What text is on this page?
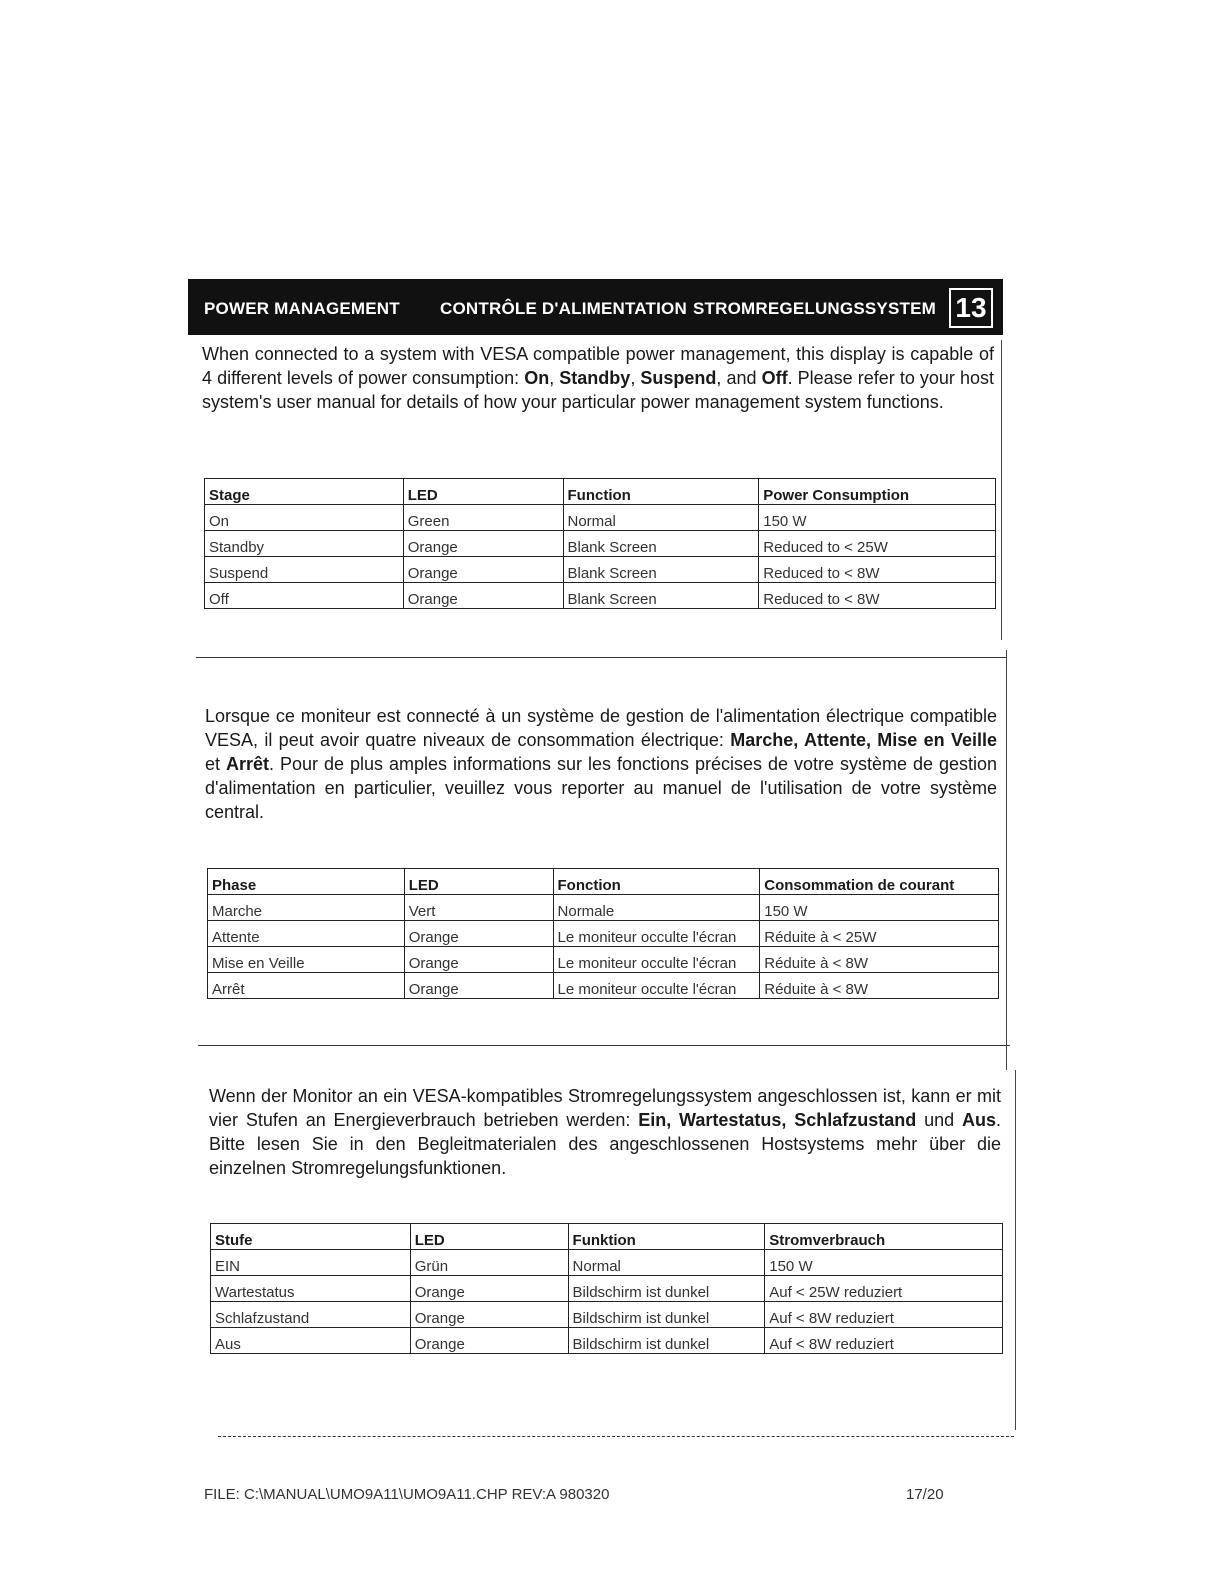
POWER MANAGEMENT CONTRÔLE D'ALIMENTATION STROMREGELUNGSSYSTEM 13

When connected to a system with VESA compatible power management, this display is capable of 4 different levels of power consumption: On, Standby, Suspend, and Off. Please refer to your host system's user manual for details of how your particular power management system functions.

Stage	LED	Function	Power Consumption
On	Green	Normal	150 W
Standby	Orange	Blank Screen	Reduced to < 25W
Suspend	Orange	Blank Screen	Reduced to < 8W
Off	Orange	Blank Screen	Reduced to < 8W

Lorsque ce moniteur est connecté à un système de gestion de l'alimentation électrique compatible VESA, il peut avoir quatre niveaux de consommation électrique: Marche, Attente, Mise en Veille et Arrêt. Pour de plus amples informations sur les fonctions précises de votre système de gestion d'alimentation en particulier, veuillez vous reporter au manuel de l'utilisation de votre système central.

Phase	LED	Fonction	Consommation de courant
Marche	Vert	Normale	150 W
Attente	Orange	Le moniteur occulte l'écran	Réduite à < 25W
Mise en Veille	Orange	Le moniteur occulte l'écran	Réduite à < 8W
Arrêt	Orange	Le moniteur occulte l'écran	Réduite à < 8W

Wenn der Monitor an ein VESA-kompatibles Stromregelungssystem angeschlossen ist, kann er mit vier Stufen an Energieverbrauch betrieben werden: Ein, Wartestatus, Schlafzustand und Aus. Bitte lesen Sie in den Begleitmaterialen des angeschlossenen Hostsystems mehr über die einzelnen Stromregelungsfunktionen.

Stufe	LED	Funktion	Stromverbrauch
EIN	Grün	Normal	150 W
Wartestatus	Orange	Bildschirm ist dunkel	Auf < 25W reduziert
Schlafzustand	Orange	Bildschirm ist dunkel	Auf < 8W reduziert
Aus	Orange	Bildschirm ist dunkel	Auf < 8W reduziert
FILE: C:\MANUAL\UMO9A11\UMO9A11.CHP REV:A 980320	17/20
